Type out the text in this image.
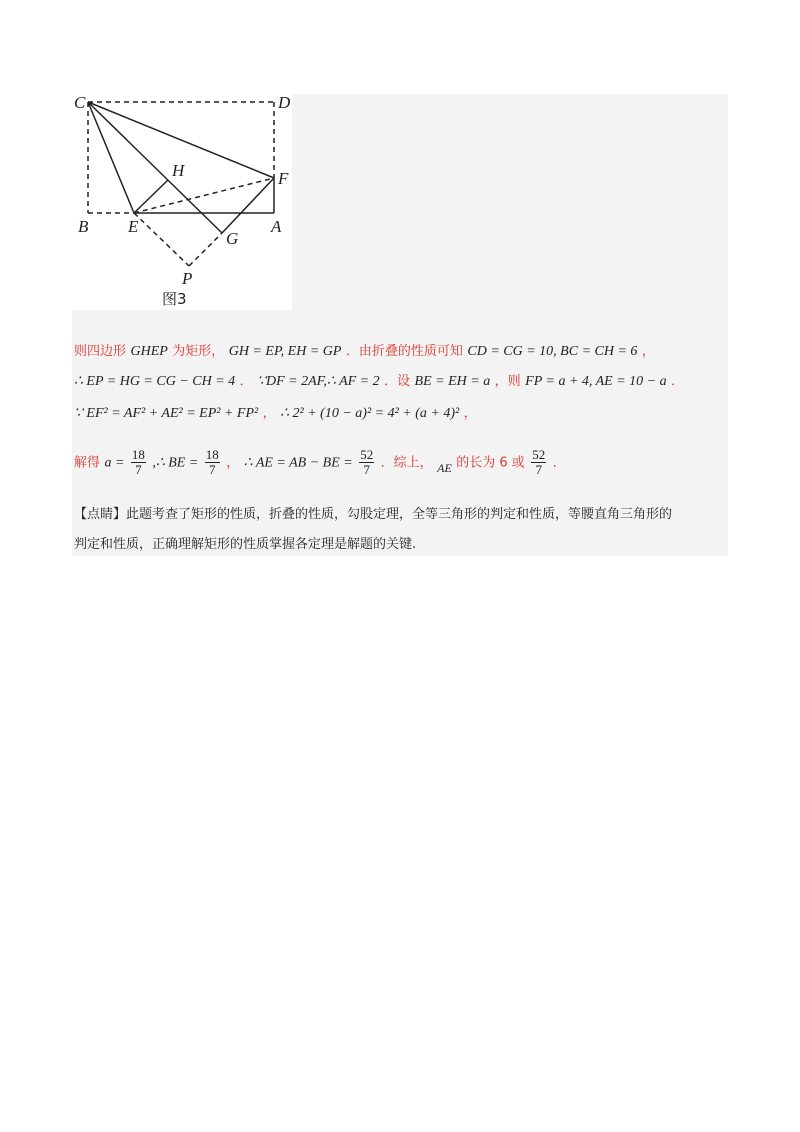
C	D
H	F
B E
G
A
P
图3
则四边形 GHEP 为矩形， GH = EP, EH = GP ．由折叠的性质可知 CD = CG = 10, BC = CH = 6 ，
∴ EP = HG = CG − CH = 4 ． ∵DF = 2AF,∴ AF = 2 ．设 BE = EH = a ，则 FP = a + 4, AE = 10 − a ．
∵ EF² = AF² + AE² = EP² + FP² ， ∴ 2² + (10 − a)² = 4² + (a + 4)² ，
解得 $a = \frac{18}{7}$ ,∴ BE = $\frac{18}{7}$ ， ∴ AE = AB − BE = $\frac{52}{7}$ ．综上， AE 的长为 6 或 $\frac{52}{7}$ ．
【点睛】此题考查了矩形的性质，折叠的性质，勾股定理，全等三角形的判定和性质，等腰直角三角形的
判定和性质，正确理解矩形的性质掌握各定理是解题的关键.
